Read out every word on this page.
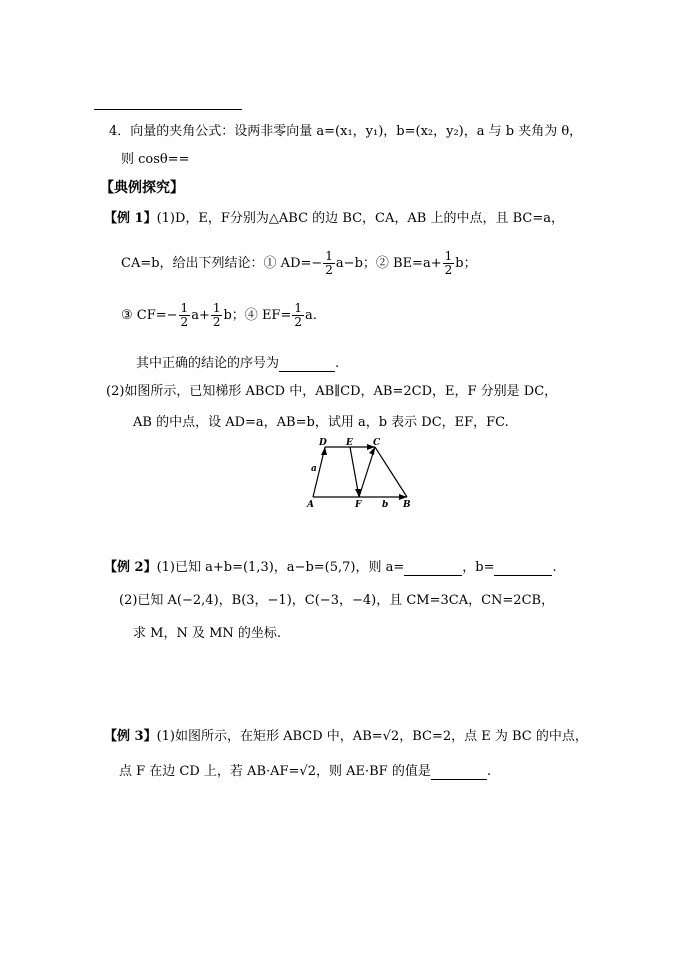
4．向量的夹角公式：设两非零向量 a=(x₁，y₁)，b=(x₂，y₂)，a 与 b 夹角为 θ，
则 cosθ==
【典例探究】
【例 1】(1)D，E，F分别为△ABC 的边 BC，CA，AB 上的中点，且 BC=a，
CA=b，给出下列结论：① $AD=- \frac{1}{2} a-b$；② $BE=a+ \frac{1}{2}$ b；
③ $CF=- \frac{1}{2} a+ \frac{1}{2}$ b；④ $EF= \frac{1}{2} a$.
其中正确的结论的序号为	.
(2)如图所示，已知梯形 ABCD 中，AB∥CD，AB=2CD，E，F 分别是 DC，
AB 的中点，设 AD=a，AB=b，试用 a，b 表示 DC，EF，FC.
D E C
A	F	B
a
b
【例 2】(1)已知 a+b=(1,3)，a−b=(5,7)，则 a=	，b=	.
(2)已知 A(−2,4)，B(3，−1)，C(−3，−4)，且 CM=3CA，CN=2CB，
求 M，N 及 MN 的坐标.
【例 3】(1)如图所示，在矩形 ABCD 中，AB=√2，BC=2，点 E 为 BC 的中点，
点 F 在边 CD 上，若 AB·AF=√2，则 AE·BF 的值是	.
